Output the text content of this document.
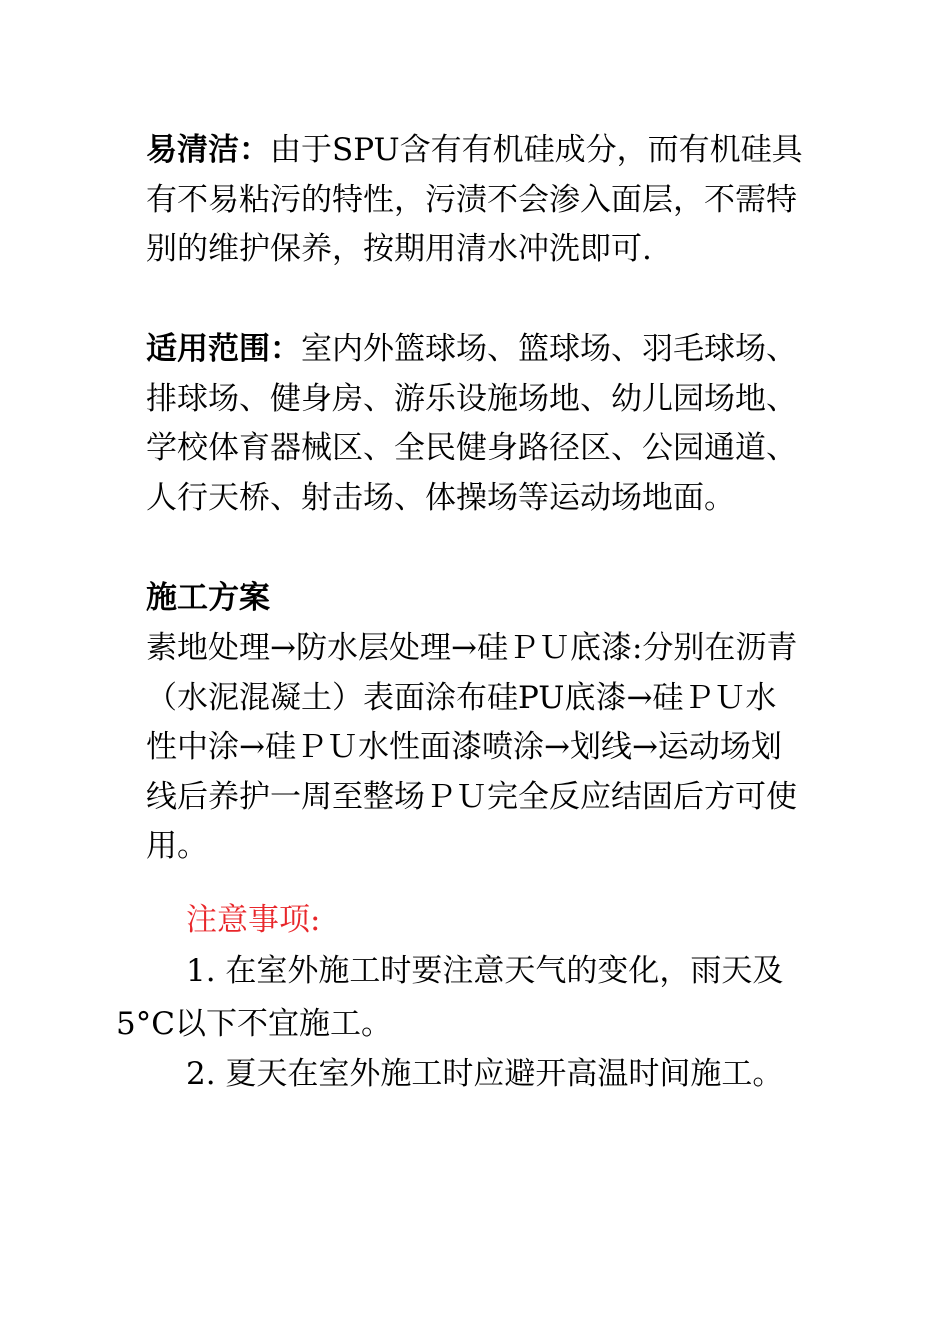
易清洁：由于SPU含有有机硅成分，而有机硅具有不易粘污的特性，污渍不会渗入面层，不需特别的维护保养，按期用清水冲洗即可.

适用范围：室内外篮球场、篮球场、羽毛球场、排球场、健身房、游乐设施场地、幼儿园场地、学校体育器械区、全民健身路径区、公园通道、人行天桥、射击场、体操场等运动场地面。

施工方案

素地处理→防水层处理→硅ＰＵ底漆:分别在沥青（水泥混凝土）表面涂布硅PU底漆→硅ＰＵ水性中涂→硅ＰＵ水性面漆喷涂→划线→运动场划线后养护一周至整场ＰＵ完全反应结固后方可使用。

注意事项:

1. 在室外施工时要注意天气的变化，雨天及5°C以下不宜施工。

2. 夏天在室外施工时应避开高温时间施工。
